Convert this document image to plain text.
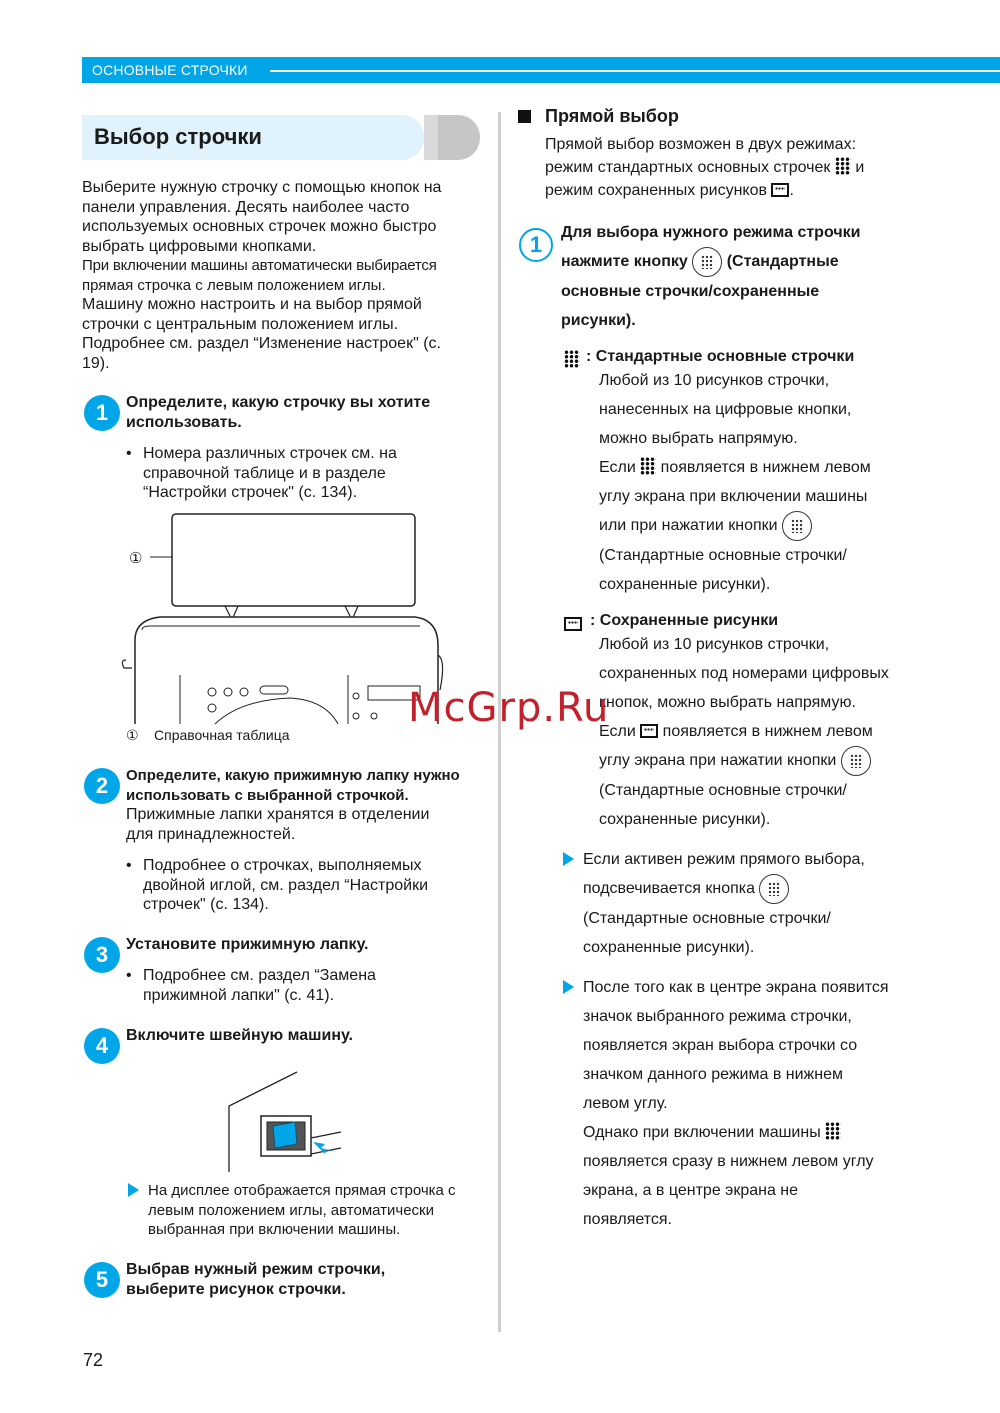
ОСНОВНЫЕ СТРОЧКИ
Выбор строчки
Выберите нужную строчку с помощью кнопок на
панели управления. Десять наиболее часто
используемых основных строчек можно быстро
выбрать цифровыми кнопками.
При включении машины автоматически выбирается
прямая строчка с левым положением иглы.
Машину можно настроить и на выбор прямой
строчки с центральным положением иглы.
Подробнее см. раздел “Изменение настроек" (с.
19).
1	Определите, какую строчку вы хотите
использовать.
• Номера различных строчек см. на
справочной таблице и в разделе
“Настройки строчек" (с. 134).
①
① Справочная таблица
2	Определите, какую прижимную лапку нужно
использовать с выбранной строчкой.
Прижимные лапки хранятся в отделении
для принадлежностей.
• Подробнее о строчках, выполняемых
двойной иглой, см. раздел “Настройки
строчек" (с. 134).
3	Установите прижимную лапку.
• Подробнее см. раздел “Замена
прижимной лапки" (с. 41).
4	Включите швейную машину.
На дисплее отображается прямая строчка с
левым положением иглы, автоматически
выбранная при включении машины.
5	Выбрав нужный режим строчки,
выберите рисунок строчки.
Прямой выбор
Прямой выбор возможен в двух режимах:
режим стандартных основных строчек и
режим сохраненных рисунков .
1	Для выбора нужного режима строчки
нажмите кнопку (Стандартные
основные строчки/сохраненные
рисунки).
: Стандартные основные строчки
Любой из 10 рисунков строчки,
нанесенных на цифровые кнопки,
можно выбрать напрямую.
Если появляется в нижнем левом
углу экрана при включении машины
или при нажатии кнопки
(Стандартные основные строчки/
сохраненные рисунки).
: Сохраненные рисунки
Любой из 10 рисунков строчки,
сохраненных под номерами цифровых
кнопок, можно выбрать напрямую.
Если появляется в нижнем левом
углу экрана при нажатии кнопки
(Стандартные основные строчки/
сохраненные рисунки).
Если активен режим прямого выбора,
подсвечивается кнопка
(Стандартные основные строчки/
сохраненные рисунки).
После того как в центре экрана появится
значок выбранного режима строчки,
появляется экран выбора строчки со
значком данного режима в нижнем
левом углу.
Однако при включении машины
появляется сразу в нижнем левом углу
экрана, а в центре экрана не
появляется.
McGrp.Ru
72
